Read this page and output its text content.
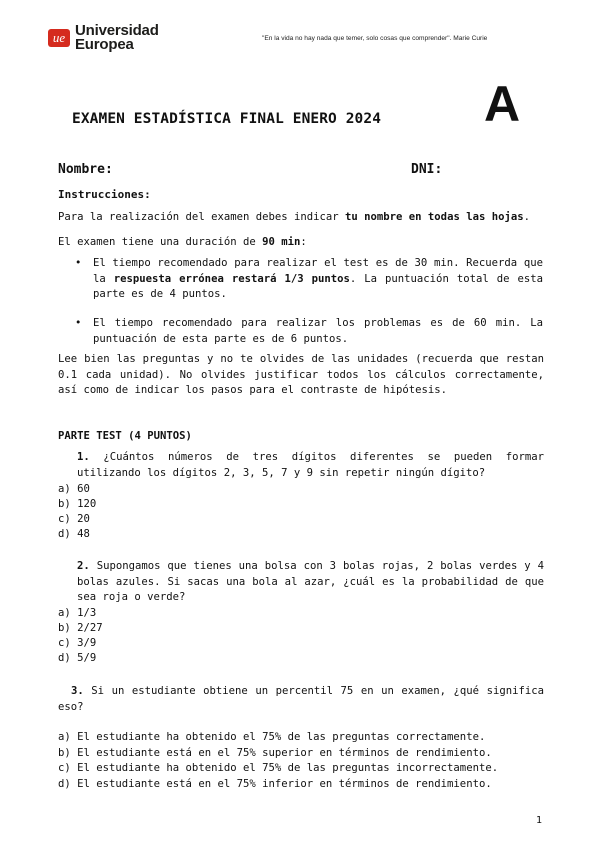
ue Universidad
Europea	"En la vida no hay nada que temer, solo cosas que comprender". Marie Curie
EXAMEN ESTADÍSTICA FINAL ENERO 2024 A
Nombre:	DNI:
Instrucciones:
Para la realización del examen debes indicar tu nombre en todas las hojas.
El examen tiene una duración de 90 min:
• El tiempo recomendado para realizar el test es de 30 min. Recuerda que la respuesta errónea restará 1/3 puntos. La puntuación total de esta parte es de 4 puntos.
• El tiempo recomendado para realizar los problemas es de 60 min. La puntuación de esta parte es de 6 puntos.
Lee bien las preguntas y no te olvides de las unidades (recuerda que restan 0.1 cada unidad). No olvides justificar todos los cálculos correctamente, así como de indicar los pasos para el contraste de hipótesis.
PARTE TEST (4 PUNTOS)
1. ¿Cuántos números de tres dígitos diferentes se pueden formar utilizando los dígitos 2, 3, 5, 7 y 9 sin repetir ningún dígito?
a) 60
b) 120
c) 20
d) 48
2. Supongamos que tienes una bolsa con 3 bolas rojas, 2 bolas verdes y 4 bolas azules. Si sacas una bola al azar, ¿cuál es la probabilidad de que sea roja o verde?
a) 1/3
b) 2/27
c) 3/9
d) 5/9
3. Si un estudiante obtiene un percentil 75 en un examen, ¿qué significa eso?
a) El estudiante ha obtenido el 75% de las preguntas correctamente.
b) El estudiante está en el 75% superior en términos de rendimiento.
c) El estudiante ha obtenido el 75% de las preguntas incorrectamente.
d) El estudiante está en el 75% inferior en términos de rendimiento.
1
